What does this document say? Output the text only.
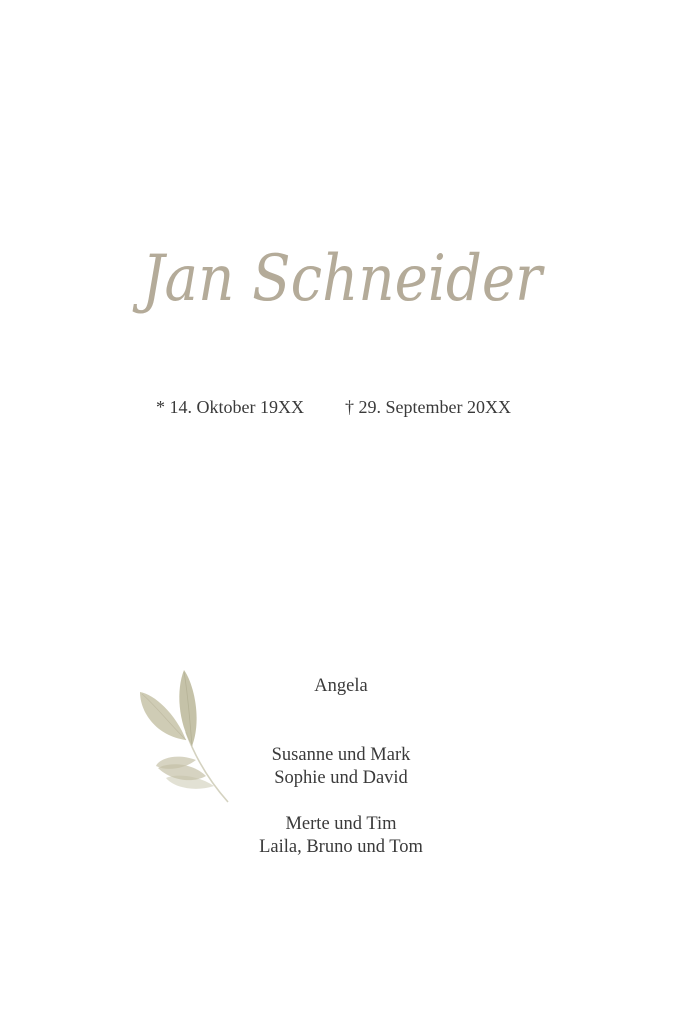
Jan Schneider
* 14. Oktober 19XX † 29. September 20XX
Angela
Susanne und Mark
Sophie und David
Merte und Tim
Laila, Bruno und Tom
